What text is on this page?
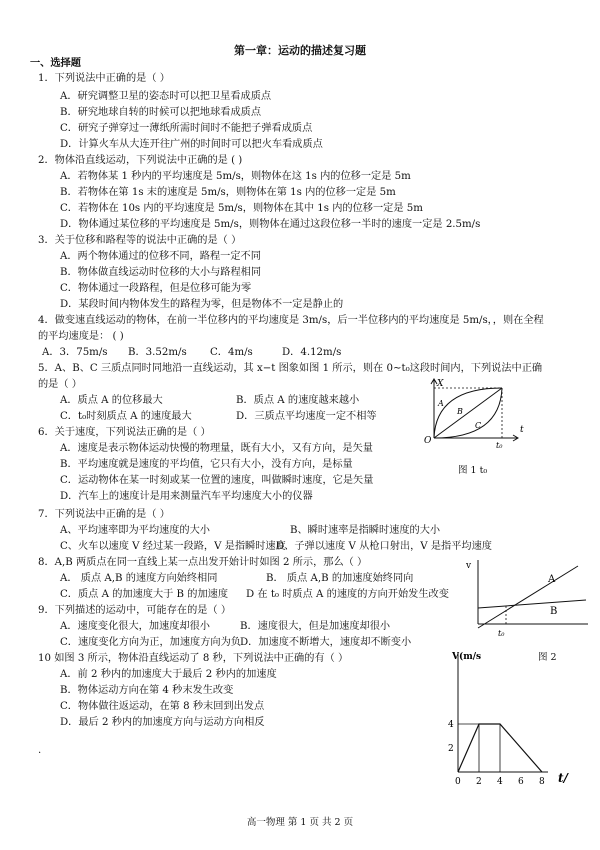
第一章：运动的描述复习题
一、选择题
1．下列说法中正确的是（ ）
A．研究调整卫星的姿态时可以把卫星看成质点
B．研究地球自转的时候可以把地球看成质点
C．研究子弹穿过一薄纸所需时间时不能把子弹看成质点
D．计算火车从大连开往广州的时间时可以把火车看成质点
2．物体沿直线运动，下列说法中正确的是 ( )
A．若物体某 1 秒内的平均速度是 5m/s，则物体在这 1s 内的位移一定是 5m
B．若物体在第 1s 末的速度是 5m/s，则物体在第 1s 内的位移一定是 5m
C．若物体在 10s 内的平均速度是 5m/s，则物体在其中 1s 内的位移一定是 5m
D．物体通过某位移的平均速度是 5m/s，则物体在通过这段位移一半时的速度一定是 2.5m/s
3．关于位移和路程等的说法中正确的是（ ）
A．两个物体通过的位移不同，路程一定不同
B．物体做直线运动时位移的大小与路程相同
C．物体通过一段路程，但是位移可能为零
D．某段时间内物体发生的路程为零，但是物体不一定是静止的
4．做变速直线运动的物体，在前一半位移内的平均速度是 3m/s，后一半位移内的平均速度是 5m/s，，则在全程
的平均速度是： ( )
A．3．75m/s B．3.52m/s C．4m/s	D．4.12m/s
5．A、B、C 三质点同时同地沿一直线运动，其 x−t 图象如图 1 所示，则在 0∼t₀这段时间内，下列说法中正确
的是（ ）
A．质点 A 的位移最大	B．质点 A 的速度越来越小
C．t₀时刻质点 A 的速度最大	D．三质点平均速度一定不相等
6．关于速度，下列说法正确的是（ ）
A．速度是表示物体运动快慢的物理量，既有大小，又有方向，是矢量
B．平均速度就是速度的平均值，它只有大小，没有方向，是标量
C．运动物体在某一时刻或某一位置的速度，叫做瞬时速度，它是矢量
D．汽车上的速度计是用来测量汽车平均速度大小的仪器
7．下列说法中正确的是（ ）
A、平均速率即为平均速度的大小	B、瞬时速率是指瞬时速度的大小
C、火车以速度 V 经过某一段路，V 是指瞬时速度
D、子弹以速度 V 从枪口射出，V 是指平均速度
8．A,B 两质点在同一直线上某一点出发开始计时如图 2 所示，那么（ ）
A． 质点 A,B 的速度方向始终相同	B． 质点 A,B 的加速度始终同向
C．质点 A 的加速度大于 B 的加速度 D 在 t₀ 时质点 A 的速度的方向开始发生改变
9．下列描述的运动中，可能存在的是（ ）
A．速度变化很大，加速度却很小	B．速度很大，但是加速度却很小
C．速度变化方向为正，加速度方向为负 D．加速度不断增大，速度却不断变小
10 如图 3 所示，物体沿直线运动了 8 秒，下列说法中正确的有（ ）
A．前 2 秒内的加速度大于最后 2 秒内的加速度
B．物体运动方向在第 4 秒末发生改变
C．物体做往返运动，在第 8 秒末回到出发点
D．最后 2 秒内的加速度方向与运动方向相反
.
X
O
t
t₀
A
B
C
图 1 t₀
v
t₀
A
B
图 2
0 2 4 6 8
2
4
V(m/s
t/
高一物理 第 1 页 共 2 页
